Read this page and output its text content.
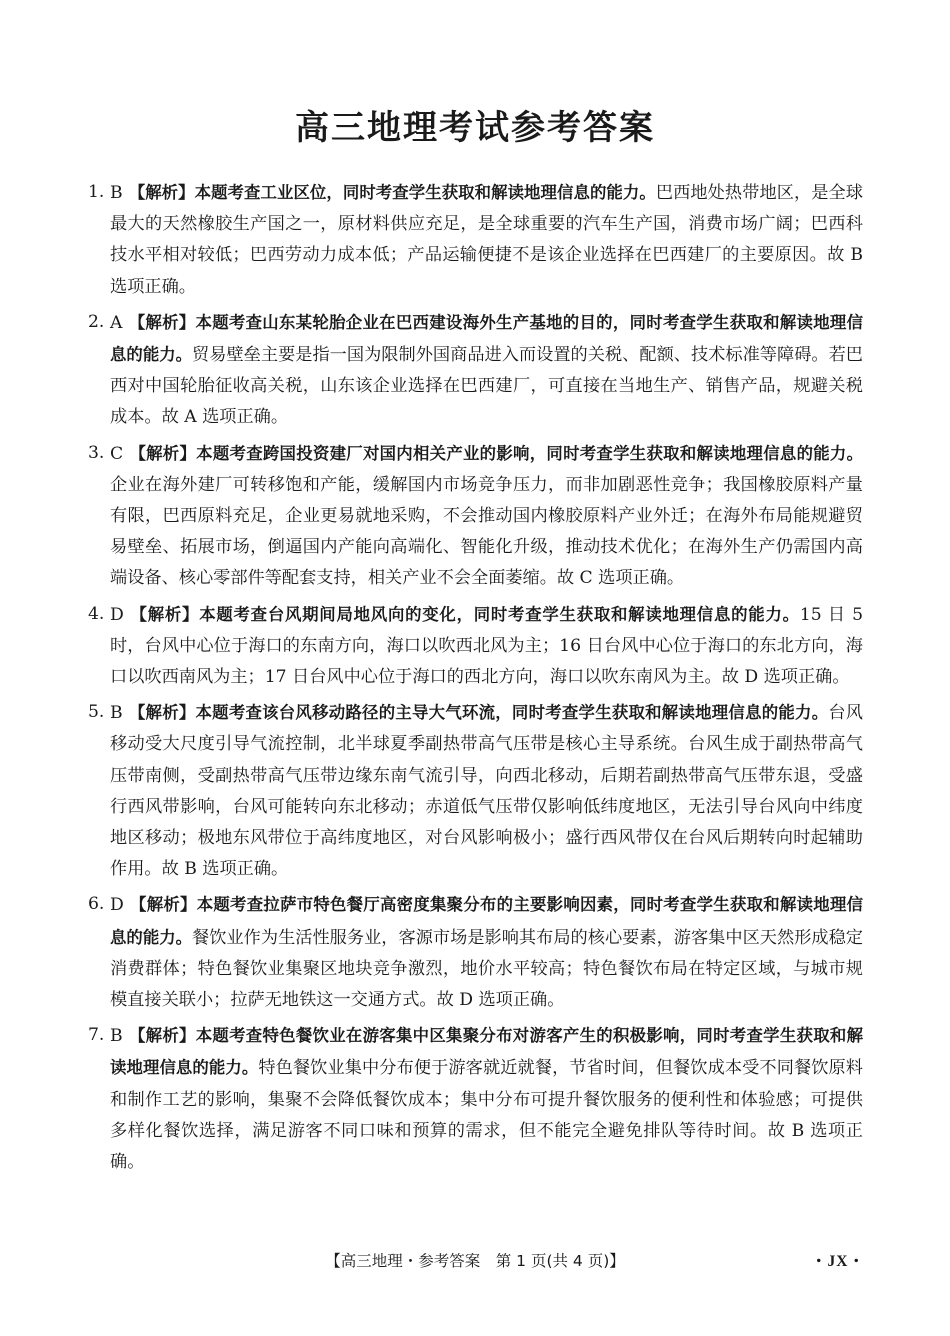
高三地理考试参考答案
1. B 【解析】本题考查工业区位，同时考查学生获取和解读地理信息的能力。巴西地处热带地区，是全球最大的天然橡胶生产国之一，原材料供应充足，是全球重要的汽车生产国，消费市场广阔；巴西科技水平相对较低；巴西劳动力成本低；产品运输便捷不是该企业选择在巴西建厂的主要原因。故 B 选项正确。
2. A 【解析】本题考查山东某轮胎企业在巴西建设海外生产基地的目的，同时考查学生获取和解读地理信息的能力。贸易壁垒主要是指一国为限制外国商品进入而设置的关税、配额、技术标准等障碍。若巴西对中国轮胎征收高关税，山东该企业选择在巴西建厂，可直接在当地生产、销售产品，规避关税成本。故 A 选项正确。
3. C 【解析】本题考查跨国投资建厂对国内相关产业的影响，同时考查学生获取和解读地理信息的能力。企业在海外建厂可转移饱和产能，缓解国内市场竞争压力，而非加剧恶性竞争；我国橡胶原料产量有限，巴西原料充足，企业更易就地采购，不会推动国内橡胶原料产业外迁；在海外布局能规避贸易壁垒、拓展市场，倒逼国内产能向高端化、智能化升级，推动技术优化；在海外生产仍需国内高端设备、核心零部件等配套支持，相关产业不会全面萎缩。故 C 选项正确。
4. D 【解析】本题考查台风期间局地风向的变化，同时考查学生获取和解读地理信息的能力。15 日 5 时，台风中心位于海口的东南方向，海口以吹西北风为主；16 日台风中心位于海口的东北方向，海口以吹西南风为主；17 日台风中心位于海口的西北方向，海口以吹东南风为主。故 D 选项正确。
5. B 【解析】本题考查该台风移动路径的主导大气环流，同时考查学生获取和解读地理信息的能力。台风移动受大尺度引导气流控制，北半球夏季副热带高气压带是核心主导系统。台风生成于副热带高气压带南侧，受副热带高气压带边缘东南气流引导，向西北移动，后期若副热带高气压带东退，受盛行西风带影响，台风可能转向东北移动；赤道低气压带仅影响低纬度地区，无法引导台风向中纬度地区移动；极地东风带位于高纬度地区，对台风影响极小；盛行西风带仅在台风后期转向时起辅助作用。故 B 选项正确。
6. D 【解析】本题考查拉萨市特色餐厅高密度集聚分布的主要影响因素，同时考查学生获取和解读地理信息的能力。餐饮业作为生活性服务业，客源市场是影响其布局的核心要素，游客集中区天然形成稳定消费群体；特色餐饮业集聚区地块竞争激烈，地价水平较高；特色餐饮布局在特定区域，与城市规模直接关联小；拉萨无地铁这一交通方式。故 D 选项正确。
7. B 【解析】本题考查特色餐饮业在游客集中区集聚分布对游客产生的积极影响，同时考查学生获取和解读地理信息的能力。特色餐饮业集中分布便于游客就近就餐，节省时间，但餐饮成本受不同餐饮原料和制作工艺的影响，集聚不会降低餐饮成本；集中分布可提升餐饮服务的便利性和体验感；可提供多样化餐饮选择，满足游客不同口味和预算的需求，但不能完全避免排队等待时间。故 B 选项正确。
【高三地理・参考答案　第 1 页(共 4 页)】	・JX・
